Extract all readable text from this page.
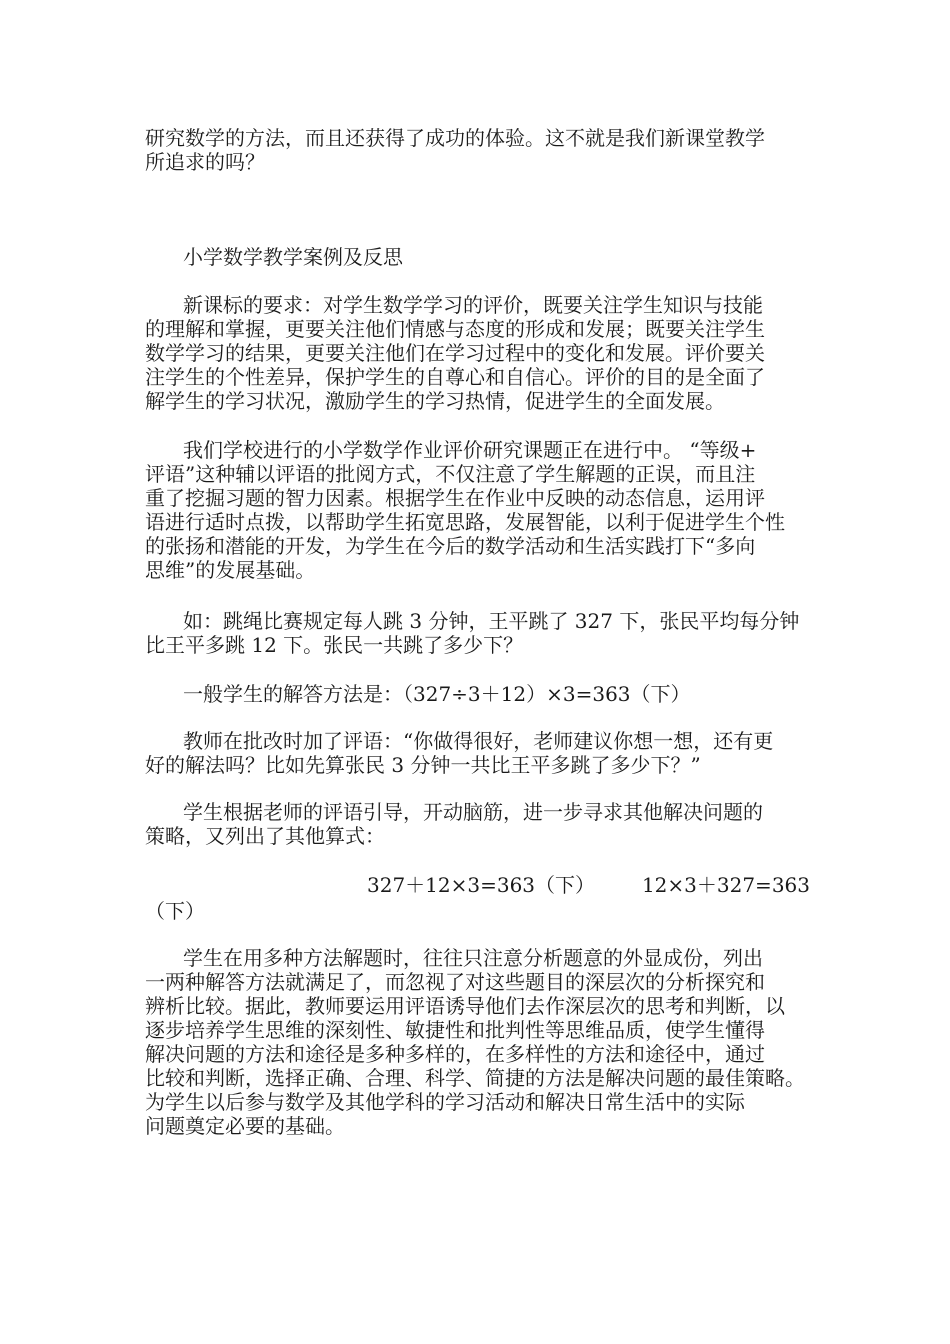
研究数学的方法，而且还获得了成功的体验。这不就是我们新课堂教学
所追求的吗？

小学数学教学案例及反思

新课标的要求：对学生数学学习的评价，既要关注学生知识与技能
的理解和掌握，更要关注他们情感与态度的形成和发展；既要关注学生
数学学习的结果，更要关注他们在学习过程中的变化和发展。评价要关
注学生的个性差异，保护学生的自尊心和自信心。评价的目的是全面了
解学生的学习状况，激励学生的学习热情，促进学生的全面发展。

我们学校进行的小学数学作业评价研究课题正在进行中。 “等级+
评语”这种辅以评语的批阅方式，不仅注意了学生解题的正误，而且注
重了挖掘习题的智力因素。根据学生在作业中反映的动态信息，运用评
语进行适时点拨，以帮助学生拓宽思路，发展智能，以利于促进学生个性
的张扬和潜能的开发，为学生在今后的数学活动和生活实践打下“多向
思维”的发展基础。

如：跳绳比赛规定每人跳 3 分钟，王平跳了 327 下，张民平均每分钟
比王平多跳 12 下。张民一共跳了多少下？

一般学生的解答方法是：（327÷3＋12）×3=363（下）

教师在批改时加了评语：“你做得很好，老师建议你想一想，还有更
好的解法吗？比如先算张民 3 分钟一共比王平多跳了多少下？”

学生根据老师的评语引导，开动脑筋，进一步寻求其他解决问题的
策略，又列出了其他算式：

327＋12×3=363（下） 12×3＋327=363

（下）

学生在用多种方法解题时，往往只注意分析题意的外显成份，列出
一两种解答方法就满足了，而忽视了对这些题目的深层次的分析探究和
辨析比较。据此，教师要运用评语诱导他们去作深层次的思考和判断，以
逐步培养学生思维的深刻性、敏捷性和批判性等思维品质，使学生懂得
解决问题的方法和途径是多种多样的，在多样性的方法和途径中，通过
比较和判断，选择正确、合理、科学、简捷的方法是解决问题的最佳策略。
为学生以后参与数学及其他学科的学习活动和解决日常生活中的实际
问题奠定必要的基础。
